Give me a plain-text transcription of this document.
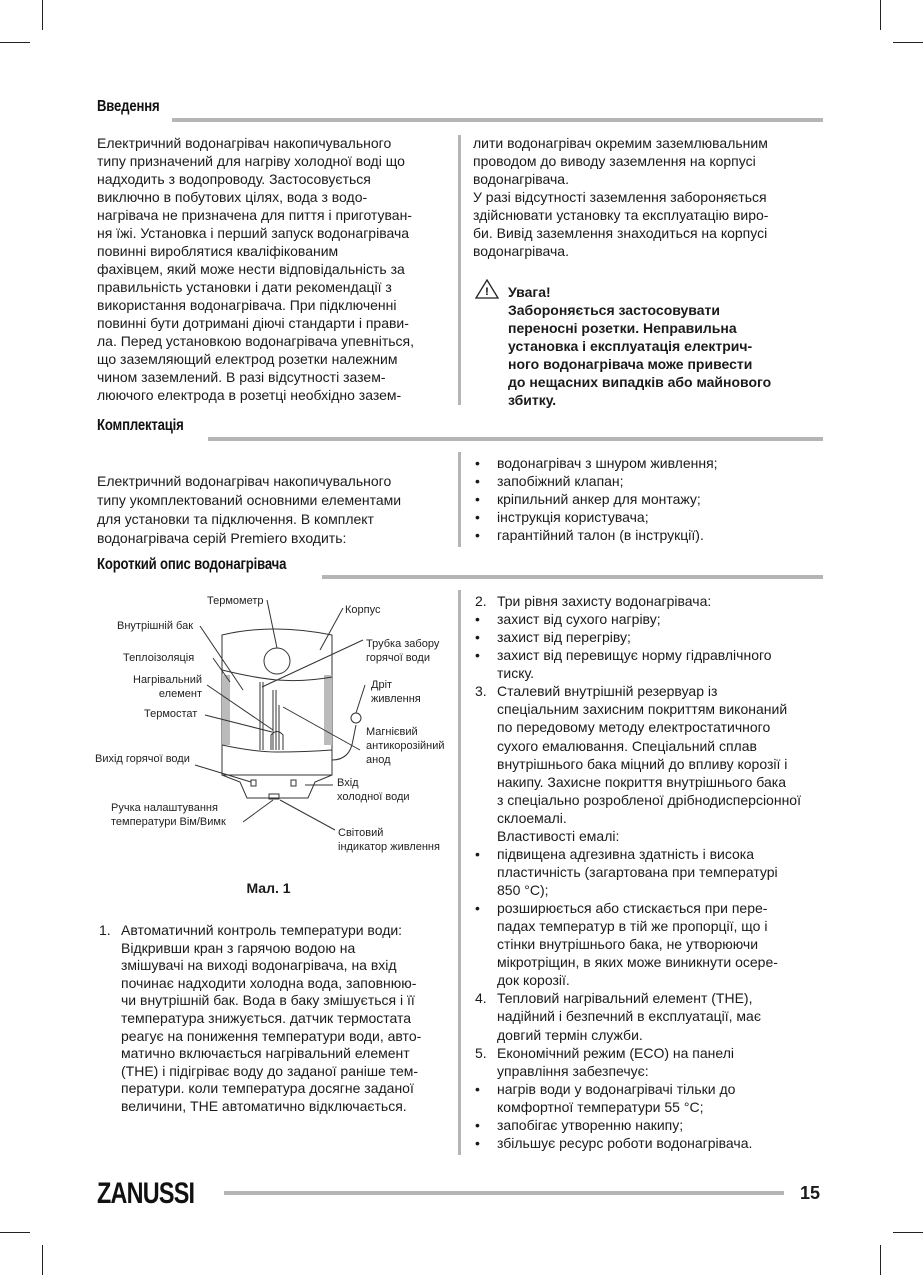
Введення
Електричний водонагрівач накопичувального
типу призначений для нагріву холодної воді що
надходить з водопроводу. Застосовується
виключно в побутових цілях, вода з водо-
нагрівача не призначена для пиття і приготуван-
ня їжі. Установка і перший запуск водонагрівача
повинні вироблятися кваліфікованим
фахівцем, який може нести відповідальність за
правильність установки і дати рекомендації з
використання водонагрівача. При підключенні
повинні бути дотримані діючі стандарти і прави-
ла. Перед установкою водонагрівача упевніться,
що заземляющий електрод розетки належним
чином заземлений. В разі відсутності зазем-
люючого електрода в розетці необхідно зазем-
лити водонагрівач окремим заземлювальним
проводом до виводу заземлення на корпусі
водонагрівача.
У разі відсутності заземлення забороняється
здійснювати установку та експлуатацію виро-
би. Вивід заземлення знаходиться на корпусі
водонагрівача.
! Увага!
Забороняється застосовувати
переносні розетки. Неправильна
установка і експлуатація електрич-
ного водонагрівача може привести
до нещасних випадків або майнового
збитку.
Комплектація
Електричний водонагрівач накопичувального
типу укомплектований основними елементами
для установки та підключення. В комплект
водонагрівача серій Premiero входить:
• водонагрівач з шнуром живлення;
• запобіжний клапан;
• кріпильний анкер для монтажу;
• інструкція користувача;
• гарантійний талон (в інструкції).
Короткий опис водонагрівача
Термометр
Корпус
Внутрішній бак
Трубка забору
горячої води
Теплоізоляція
Нагрівальний
елемент
Дріт
живлення
Термостат
Магнієвий
антикорозійний
анод
Вихід горячої води
Вхід
холодної води
Ручка налаштування
температури Вім/Вимк
Світовий
індикатор живлення
Мал. 1
1. Автоматичний контроль температури води:
Відкривши кран з гарячою водою на
змішувачі на виході водонагрівача, на вхід
починає надходити холодна вода, заповнюю-
чи внутрішній бак. Вода в баку змішується і її
температура знижується. датчик термостата
реагує на пониження температури води, авто-
матично включається нагрівальний елемент
(ТНЕ) і підігріває воду до заданої раніше тем-
ператури. коли температура досягне заданої
величини, ТНЕ автоматично відключається.
2. Три рівня захисту водонагрівача:
• захист від сухого нагріву;
• захист від перегріву;
• захист від перевищує норму гідравлічного
тиску.
3. Сталевий внутрішній резервуар із
спеціальним захисним покриттям виконаний
по передовому методу електростатичного
сухого емалювання. Спеціальний сплав
внутрішнього бака міцний до впливу корозії і
накипу. Захисне покриття внутрішнього бака
з спеціально розробленої дрібнодисперсіонної
склоемалі.
Властивості емалі:
• підвищена адгезивна здатність і висока
пластичність (загартована при температурі
850 °C);
• розширюється або стискається при пере-
падах температур в тій же пропорції, що і
стінки внутрішнього бака, не утворюючи
мікротріщин, в яких може виникнути осере-
док корозії.
4. Тепловий нагрівальний елемент (ТНЕ),
надійний і безпечний в експлуатації, має
довгий термін служби.
5. Економічний режим (ECO) на панелі
управління забезпечує:
• нагрів води у водонагрівачі тільки до
комфортної температури 55 °C;
• запобігає утворенню накипу;
• збільшує ресурс роботи водонагрівача.
ZANUSSI	15
